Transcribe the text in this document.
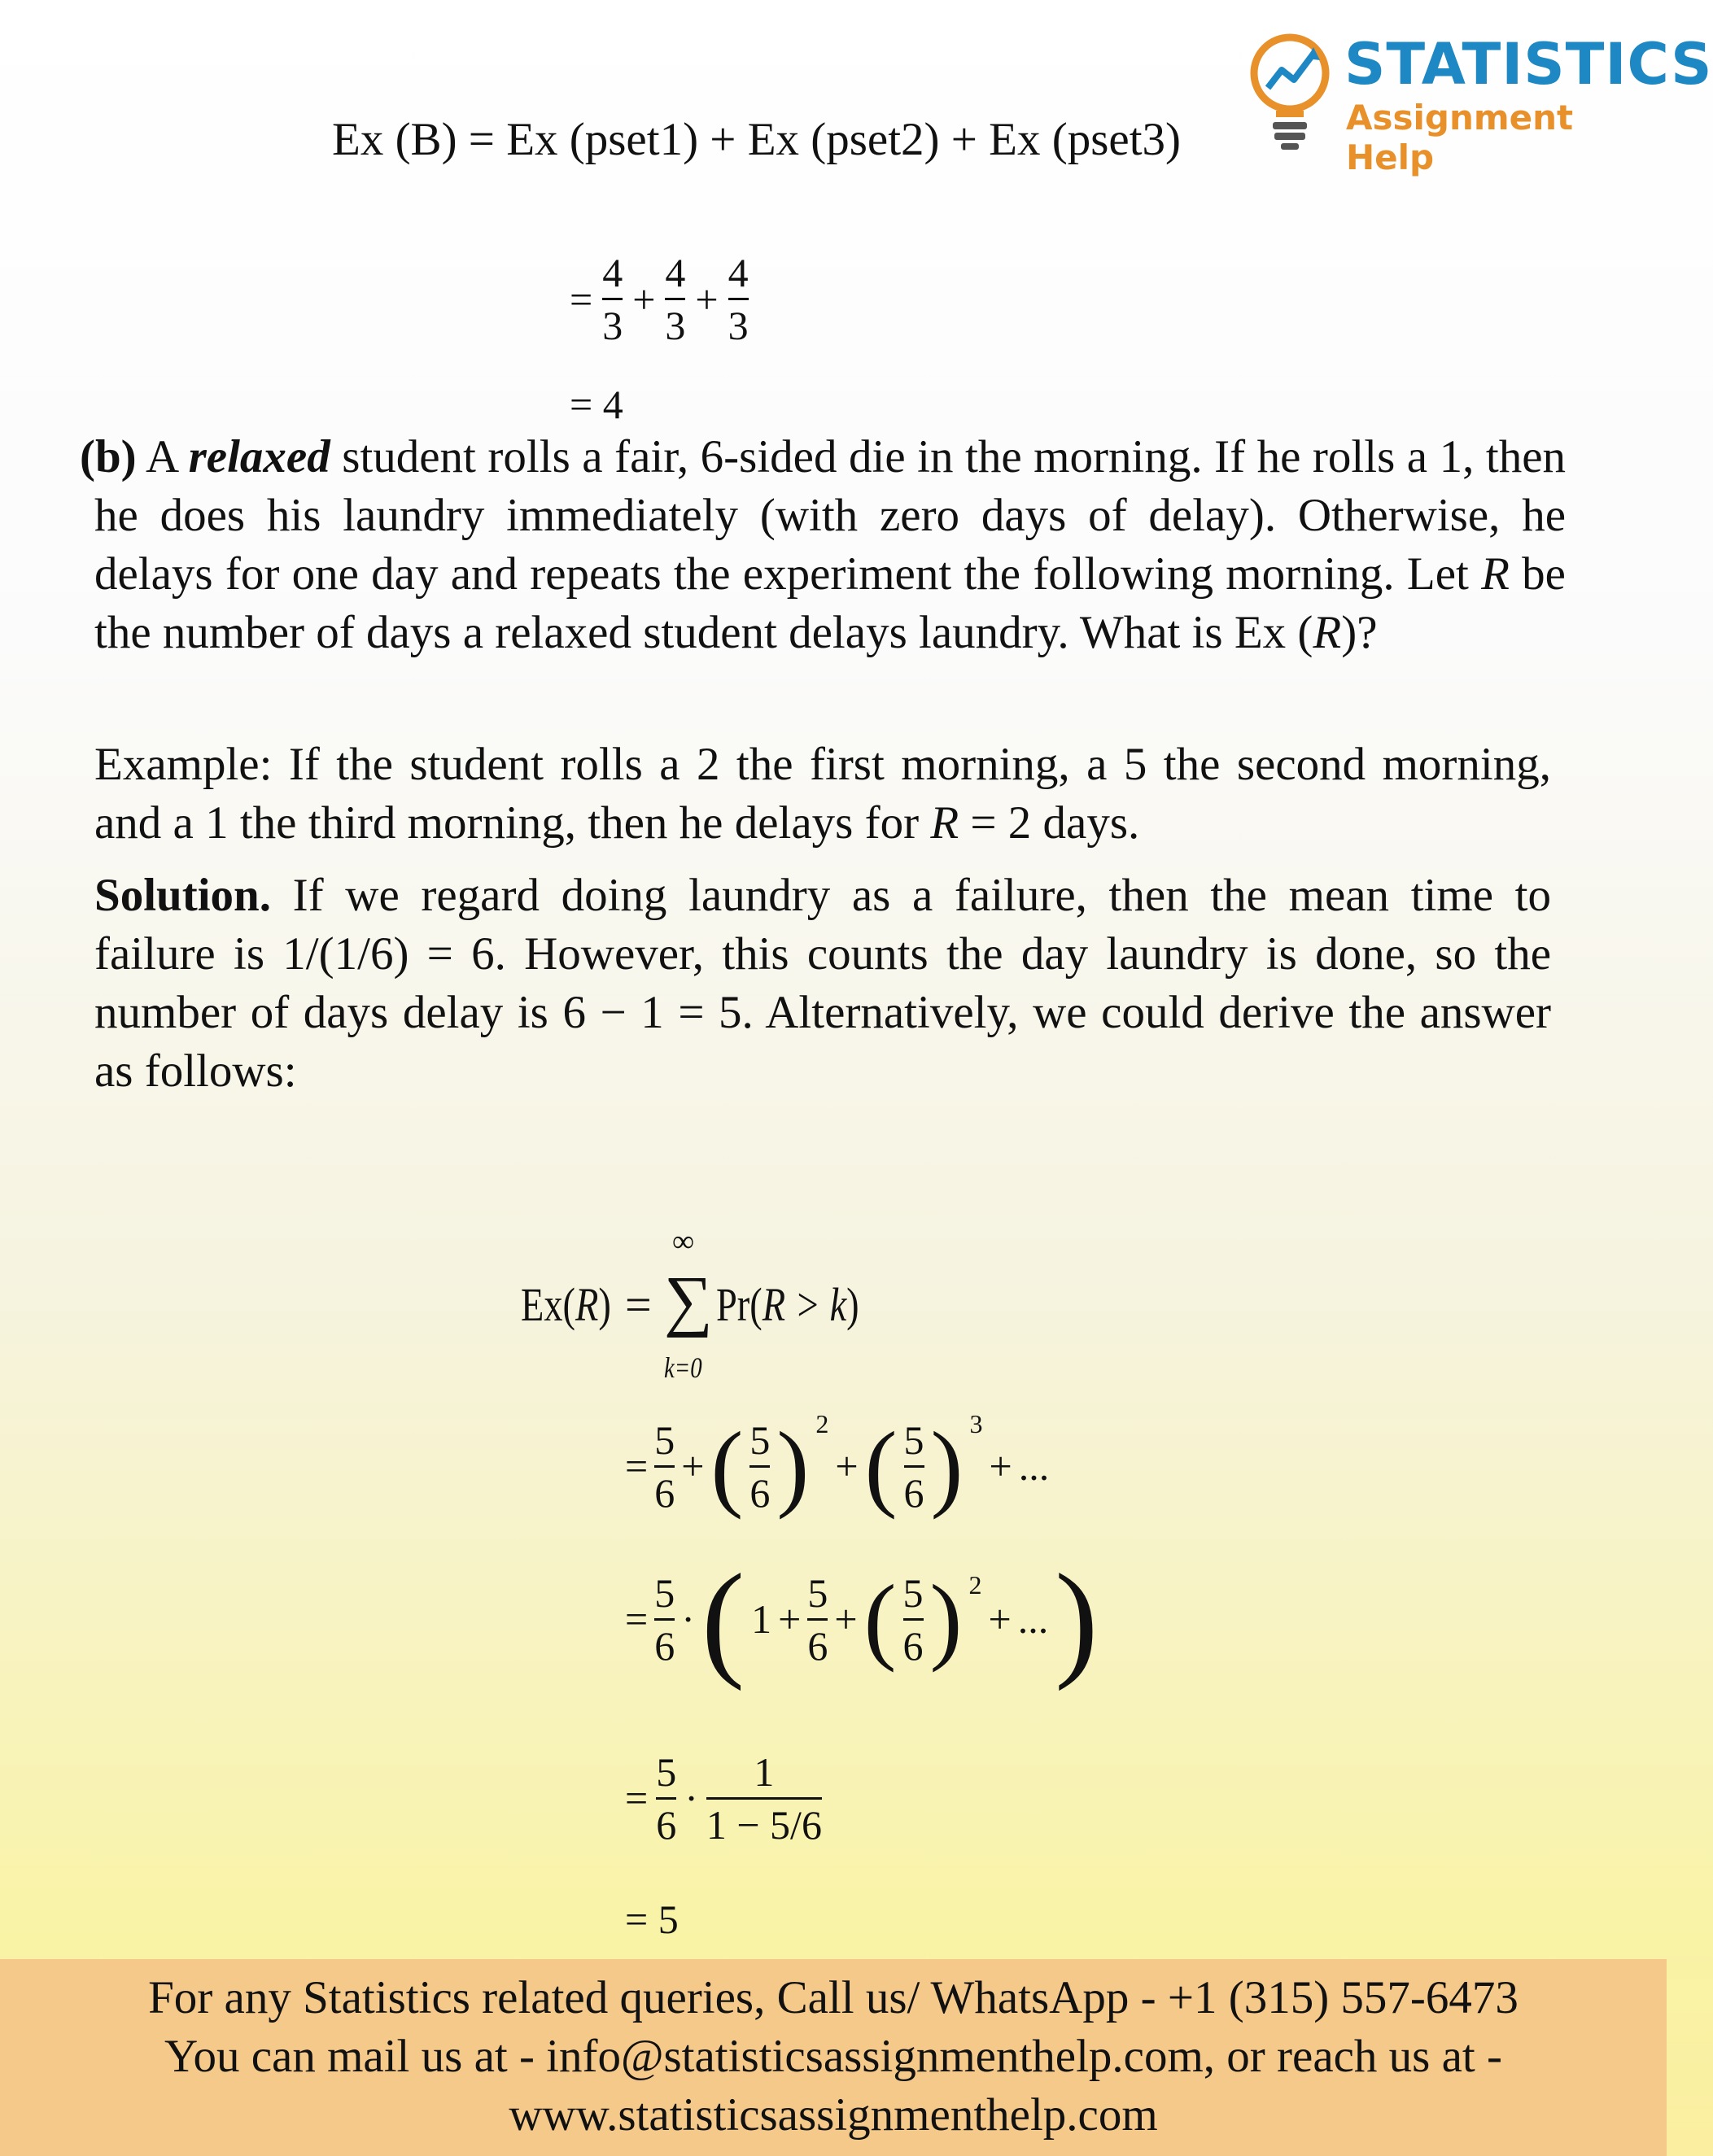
STATISTICS
Assignment Help
Ex (B) = Ex (pset1) + Ex (pset2) + Ex (pset3)
= $\frac{4}{3} + \frac{4}{3} + \frac{4}{3}$
= 4
(b) A relaxed student rolls a fair, 6-sided die in the morning. If he rolls a 1, then he does his laundry immediately (with zero days of delay). Otherwise, he delays for one day and repeats the experiment the following morning. Let R be the number of days a relaxed student delays laundry. What is Ex (R)?
Example: If the student rolls a 2 the first morning, a 5 the second morning, and a 1 the third morning, then he delays for R = 2 days.
Solution. If we regard doing laundry as a failure, then the mean time to failure is 1/(1/6) = 6. However, this counts the day laundry is done, so the number of days delay is 6 − 1 = 5. Alternatively, we could derive the answer as follows:
Ex(R) =
∞
∑
k=0
Pr(R > k)
= $\frac{5}{6}$ + ( $\frac{5}{6}$ ) 2
+ ( $\frac{5}{6}$ ) 3
+ ...
= $\frac{5}{6}$ · ( $1 + \frac{5}{6}$ + ( $\frac{5}{6}$ ) 2
+ ... )
= $\frac{5}{6} \cdot \frac{1}{1 - 5/6}$
= 5
For any Statistics related queries, Call us/ WhatsApp - +1 (315) 557-6473
You can mail us at - info@statisticsassignmenthelp.com, or reach us at -
www.statisticsassignmenthelp.com
